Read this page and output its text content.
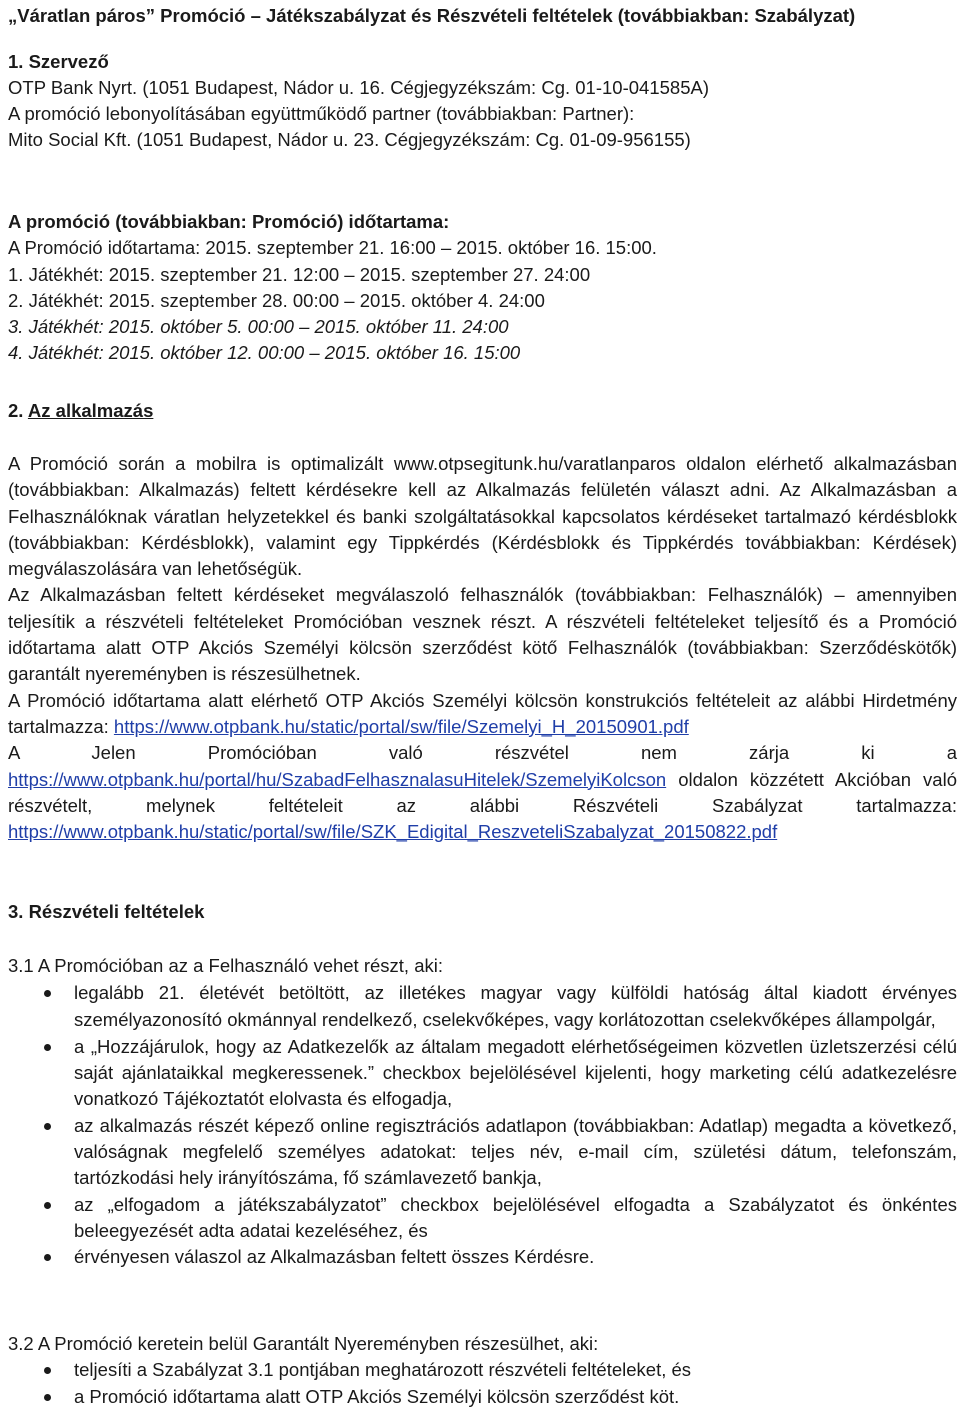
„Váratlan páros” Promóció – Játékszabályzat és Részvételi feltételek (továbbiakban: Szabályzat)
1. Szervező
OTP Bank Nyrt. (1051 Budapest, Nádor u. 16. Cégjegyzékszám: Cg. 01-10-041585A)
A promóció lebonyolításában együttműködő partner (továbbiakban: Partner):
Mito Social Kft. (1051 Budapest, Nádor u. 23. Cégjegyzékszám: Cg. 01-09-956155)
A promóció (továbbiakban: Promóció) időtartama:
A Promóció időtartama: 2015. szeptember 21. 16:00 – 2015. október 16. 15:00.
1. Játékhét: 2015. szeptember 21. 12:00 – 2015. szeptember 27. 24:00
2. Játékhét: 2015. szeptember 28. 00:00 – 2015. október 4. 24:00
3. Játékhét: 2015. október 5. 00:00 – 2015. október 11. 24:00
4. Játékhét: 2015. október 12. 00:00 – 2015. október 16. 15:00
2. Az alkalmazás
A Promóció során a mobilra is optimalizált www.otpsegitunk.hu/varatlanparos oldalon elérhető alkalmazásban (továbbiakban: Alkalmazás) feltett kérdésekre kell az Alkalmazás felületén választ adni. Az Alkalmazásban a Felhasználóknak váratlan helyzetekkel és banki szolgáltatásokkal kapcsolatos kérdéseket tartalmazó kérdésblokk (továbbiakban: Kérdésblokk), valamint egy Tippkérdés (Kérdésblokk és Tippkérdés továbbiakban: Kérdések) megválaszolására van lehetőségük.
Az Alkalmazásban feltett kérdéseket megválaszoló felhasználók (továbbiakban: Felhasználók) – amennyiben teljesítik a részvételi feltételeket Promócióban vesznek részt. A részvételi feltételeket teljesítő és a Promóció időtartama alatt OTP Akciós Személyi kölcsön szerződést kötő Felhasználók (továbbiakban: Szerződéskötők) garantált nyereményben is részesülhetnek.
A Promóció időtartama alatt elérhető OTP Akciós Személyi kölcsön konstrukciós feltételeit az alábbi Hirdetmény tartalmazza: https://www.otpbank.hu/static/portal/sw/file/Szemelyi_H_20150901.pdf
A Jelen Promócióban való részvétel nem zárja ki a
https://www.otpbank.hu/portal/hu/SzabadFelhasznalasuHitelek/SzemelyiKolcson oldalon közzétett Akcióban való részvételt, melynek feltételeit az alábbi Részvételi Szabályzat tartalmazza: https://www.otpbank.hu/static/portal/sw/file/SZK_Edigital_ReszveteliSzabalyzat_20150822.pdf
3. Részvételi feltételek
3.1 A Promócióban az a Felhasználó vehet részt, aki:
legalább 21. életévét betöltött, az illetékes magyar vagy külföldi hatóság által kiadott érvényes személyazonosító okmánnyal rendelkező, cselekvőképes, vagy korlátozottan cselekvőképes állampolgár,
a „Hozzájárulok, hogy az Adatkezelők az általam megadott elérhetőségeimen közvetlen üzletszerzési célú saját ajánlataikkal megkeressenek.” checkbox bejelölésével kijelenti, hogy marketing célú adatkezelésre vonatkozó Tájékoztatót elolvasta és elfogadja,
az alkalmazás részét képező online regisztrációs adatlapon (továbbiakban: Adatlap) megadta a következő, valóságnak megfelelő személyes adatokat: teljes név, e-mail cím, születési dátum, telefonszám, tartózkodási hely irányítószáma, fő számlavezető bankja,
az „elfogadom a játékszabályzatot” checkbox bejelölésével elfogadta a Szabályzatot és önkéntes beleegyezését adta adatai kezeléséhez, és
érvényesen válaszol az Alkalmazásban feltett összes Kérdésre.
3.2 A Promóció keretein belül Garantált Nyereményben részesülhet, aki:
teljesíti a Szabályzat 3.1 pontjában meghatározott részvételi feltételeket, és
a Promóció időtartama alatt OTP Akciós Személyi kölcsön szerződést köt.
